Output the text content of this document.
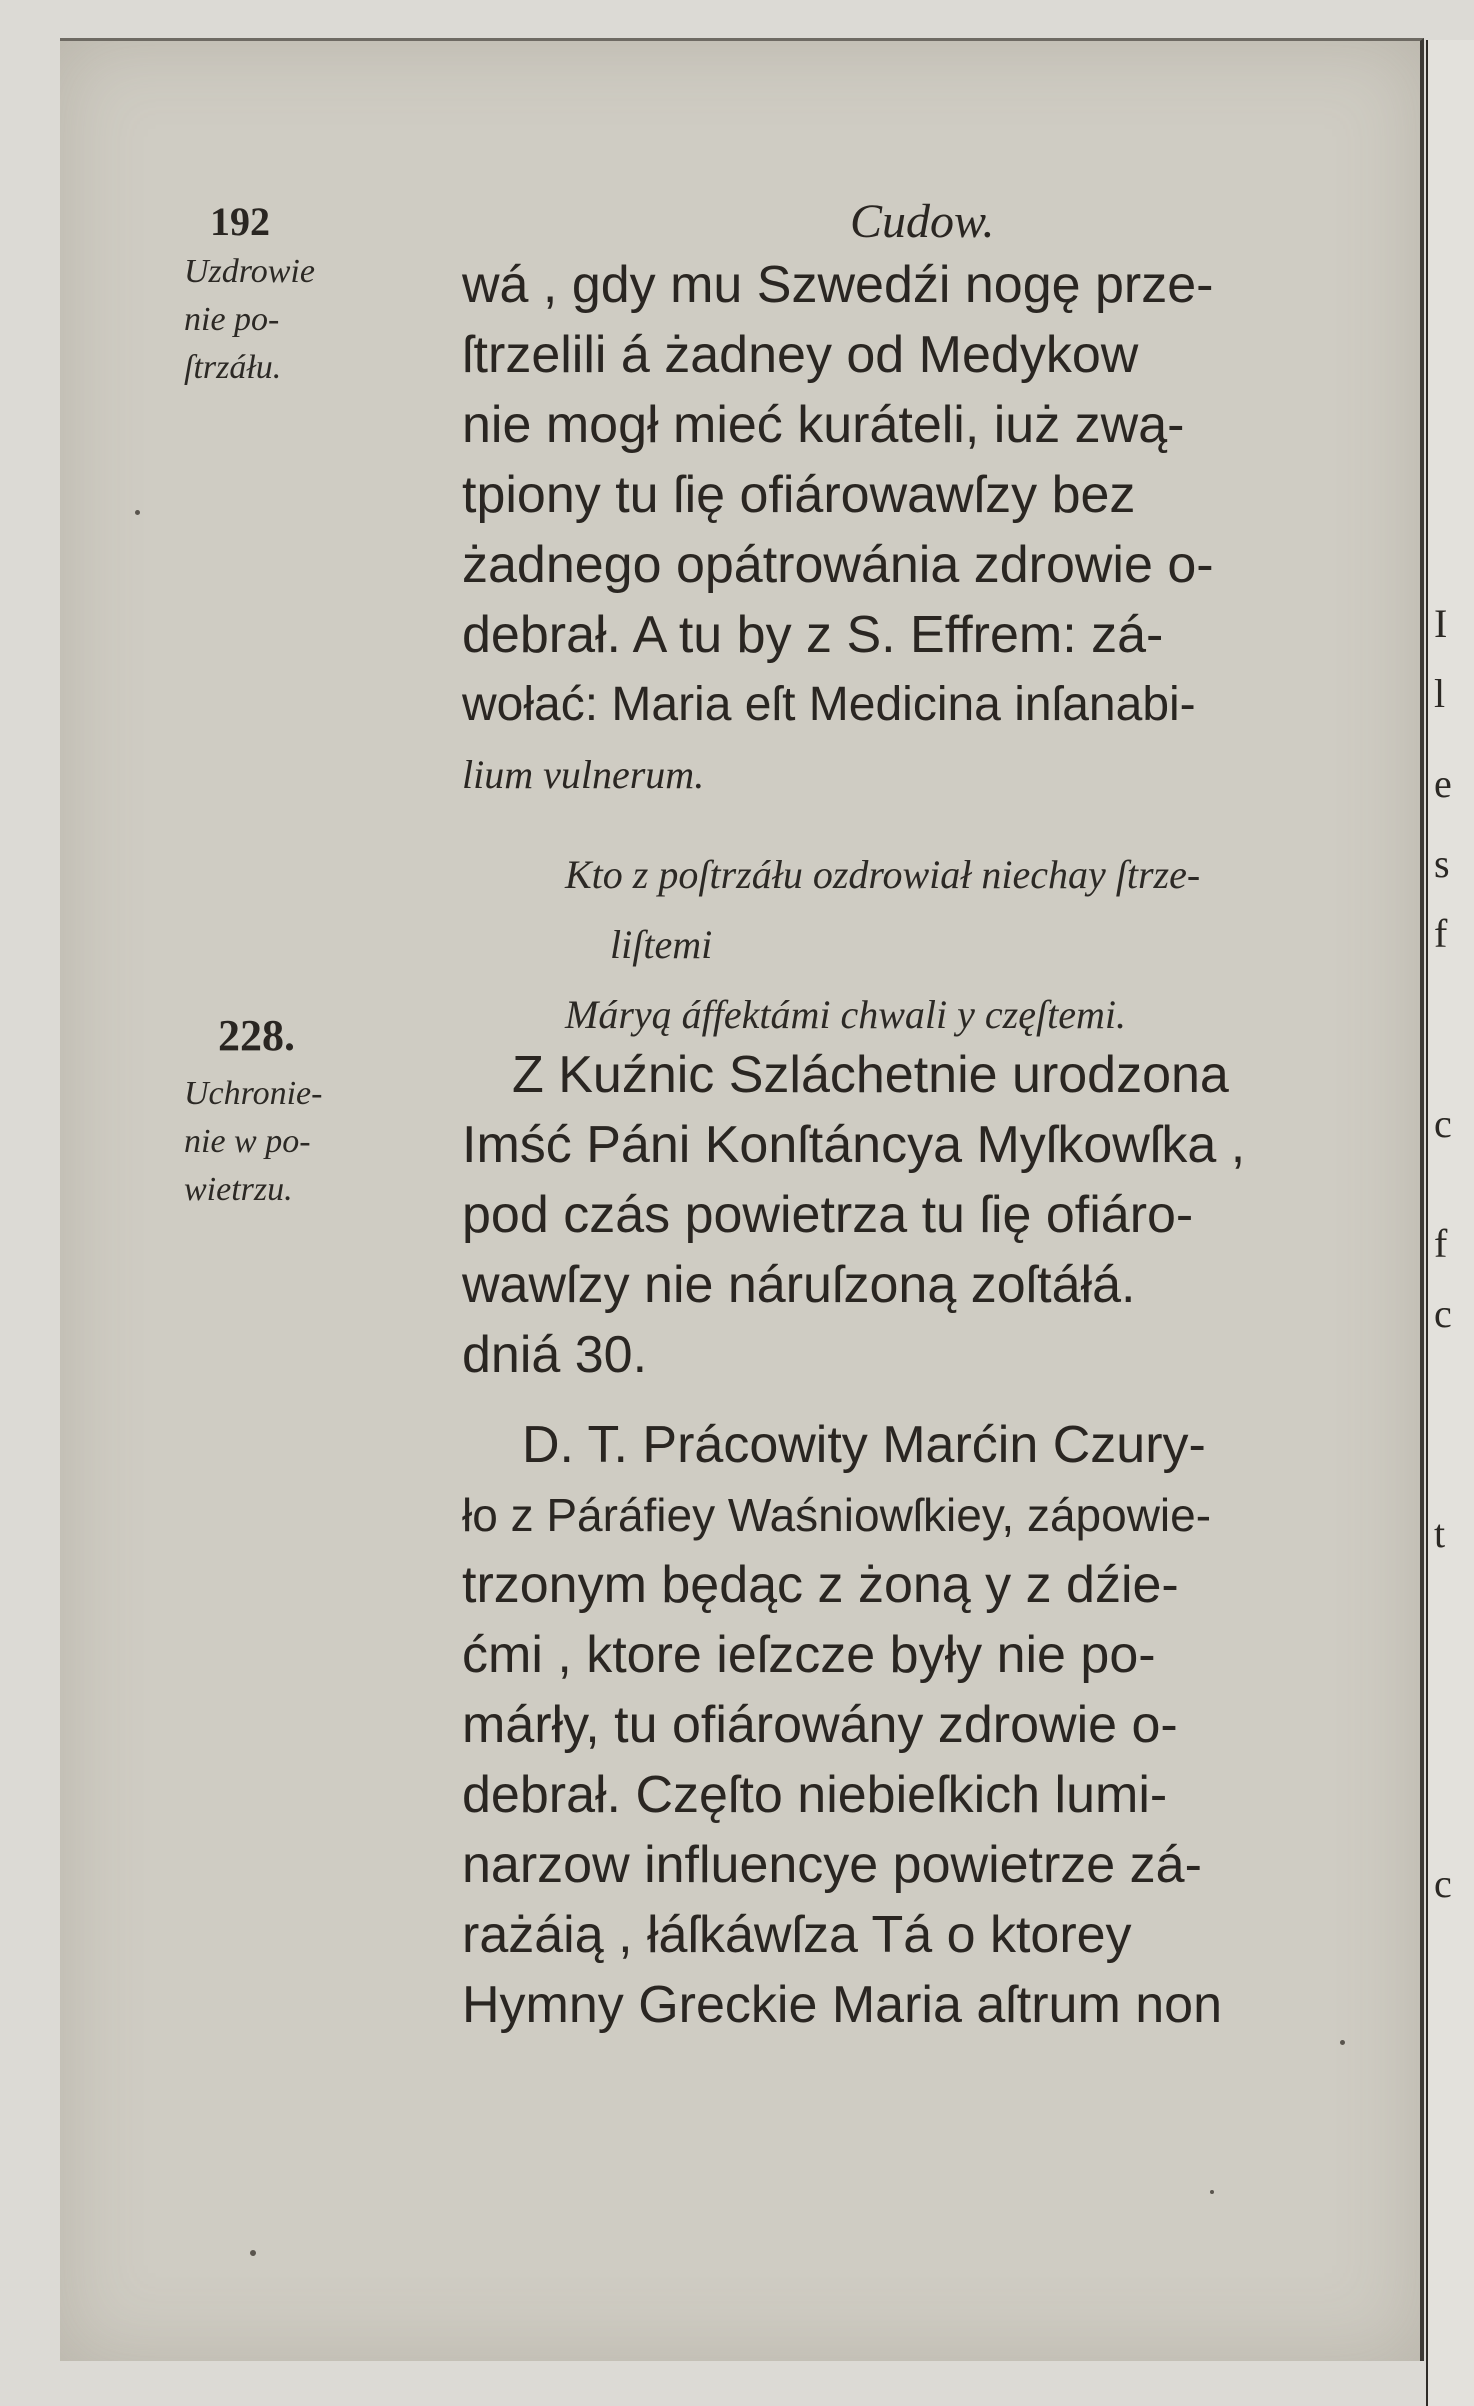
I
l
e
s
f
c
f
c
t
c
192	Cudow.
Uzdrowie
nie po-
ſtrzáłu.
228.
Uchronie-
nie w po-
wietrzu.
wá , gdy mu Szwedźi nogę prze-
ſtrzelili á żadney od Medykow
nie mogł mieć kuráteli, iuż zwą-
tpiony tu ſię ofiárowawſzy bez
żadnego opátrowánia zdrowie o-
debrał. A tu by z S. Effrem: zá-
wołać: Maria eſt Medicina inſanabi-
lium vulnerum.
Kto z poſtrzáłu ozdrowiał niechay ſtrze-
liſtemi
Máryą áffektámi chwali y częſtemi.
Z Kuźnic Szláchetnie urodzona
Imść Páni Konſtáncya Myſkowſka ,
pod czás powietrza tu ſię ofiáro-
wawſzy nie náruſzoną zoſtáłá.
dniá 30.
D. T. Prácowity Marćin Czury-
ło z Páráfiey Waśniowſkiey, zápowie-
trzonym będąc z żoną y z dźie-
ćmi , ktore ieſzcze były nie po-
márły, tu ofiárowány zdrowie o-
debrał. Częſto niebieſkich lumi-
narzow influencye powietrze zá-
rażáią , łáſkáwſza Tá o ktorey
Hymny Greckie Maria aſtrum non
